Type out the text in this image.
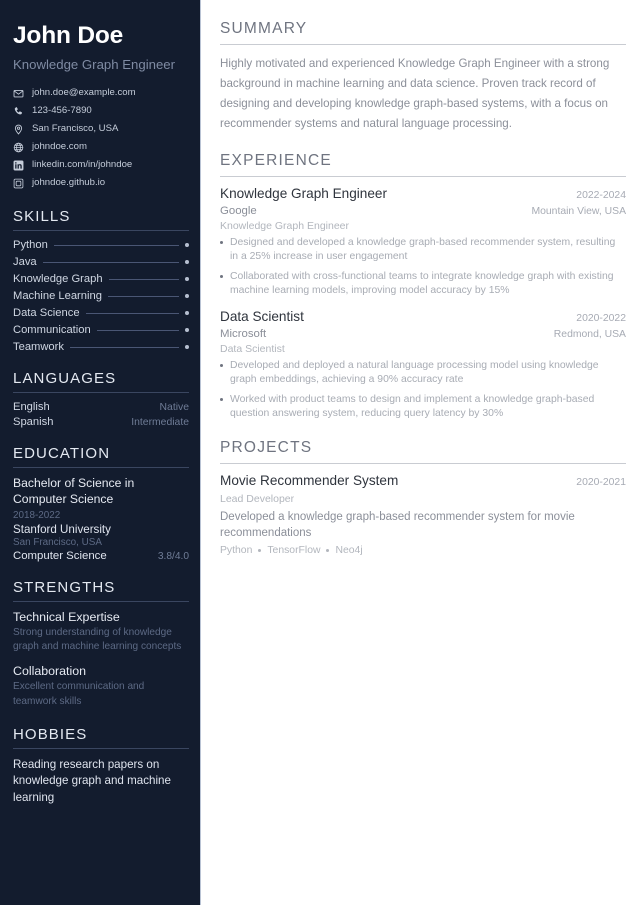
John Doe
Knowledge Graph Engineer
john.doe@example.com
123-456-7890
San Francisco, USA
johndoe.com
linkedin.com/in/johndoe
johndoe.github.io
SKILLS
Python
Java
Knowledge Graph
Machine Learning
Data Science
Communication
Teamwork
LANGUAGES
English	Native
Spanish	Intermediate
EDUCATION
Bachelor of Science in Computer Science
2018-2022
Stanford University
San Francisco, USA
Computer Science	3.8/4.0
STRENGTHS
Technical Expertise
Strong understanding of knowledge graph and machine learning concepts
Collaboration
Excellent communication and teamwork skills
HOBBIES
Reading research papers on knowledge graph and machine learning
SUMMARY

Highly motivated and experienced Knowledge Graph Engineer with a strong background in machine learning and data science. Proven track record of designing and developing knowledge graph-based systems, with a focus on recommender systems and natural language processing.

EXPERIENCE
Knowledge Graph Engineer	2022-2024
Google	Mountain View, USA
Knowledge Graph Engineer
Designed and developed a knowledge graph-based recommender system, resulting in a 25% increase in user engagement
Collaborated with cross-functional teams to integrate knowledge graph with existing machine learning models, improving model accuracy by 15%
Data Scientist	2020-2022
Microsoft	Redmond, USA
Data Scientist
Developed and deployed a natural language processing model using knowledge graph embeddings, achieving a 90% accuracy rate
Worked with product teams to design and implement a knowledge graph-based question answering system, reducing query latency by 30%
PROJECTS
Movie Recommender System	2020-2021
Lead Developer
Developed a knowledge graph-based recommender system for movie recommendations
Python TensorFlow Neo4j
